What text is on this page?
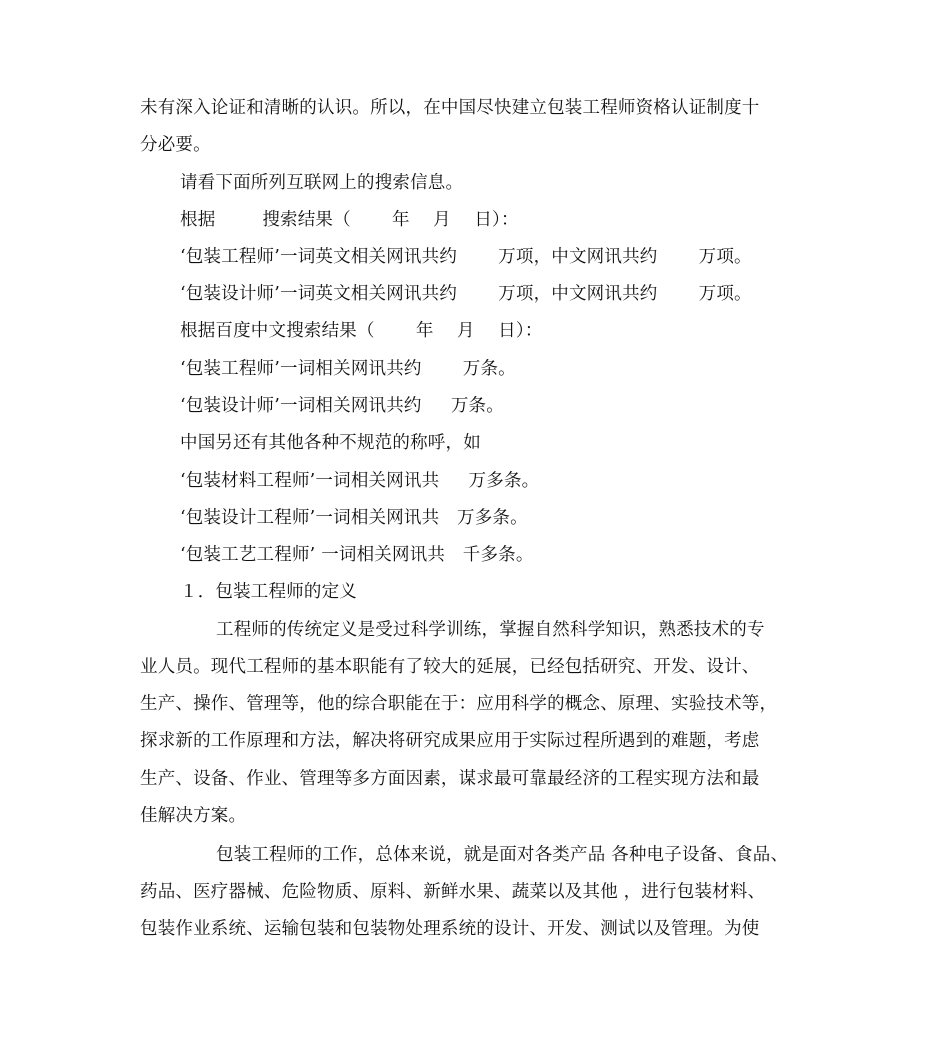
未有深入论证和清晰的认识。所以，在中国尽快建立包装工程师资格认证制度十
分必要。
请看下面所列互联网上的搜索信息。
根据 　　 搜索结果（ 　　年　 月　 日）：
‘包装工程师’一词英文相关网讯共约 　　万项，中文网讯共约 　　万项。
‘包装设计师’一词英文相关网讯共约 　　万项，中文网讯共约 　　万项。
根据百度中文搜索结果（ 　　年　 月　 日）：
‘包装工程师’一词相关网讯共约 　　万条。
‘包装设计师’一词相关网讯共约 　 万条。
中国另还有其他各种不规范的称呼，如
‘包装材料工程师’一词相关网讯共 　 万多条。
‘包装设计工程师’一词相关网讯共　万多条。
‘包装工艺工程师’ 一词相关网讯共　千多条。
１．包装工程师的定义
工程师的传统定义是受过科学训练，掌握自然科学知识，熟悉技术的专
业人员。现代工程师的基本职能有了较大的延展，已经包括研究、开发、设计、
生产、操作、管理等，他的综合职能在于：应用科学的概念、原理、实验技术等，
探求新的工作原理和方法，解决将研究成果应用于实际过程所遇到的难题，考虑
生产、设备、作业、管理等多方面因素，谋求最可靠最经济的工程实现方法和最
佳解决方案。
包装工程师的工作，总体来说，就是面对各类产品 各种电子设备、食品、
药品、医疗器械、危险物质、原料、新鲜水果、蔬菜以及其他 ，进行包装材料、
包装作业系统、运输包装和包装物处理系统的设计、开发、测试以及管理。为使
